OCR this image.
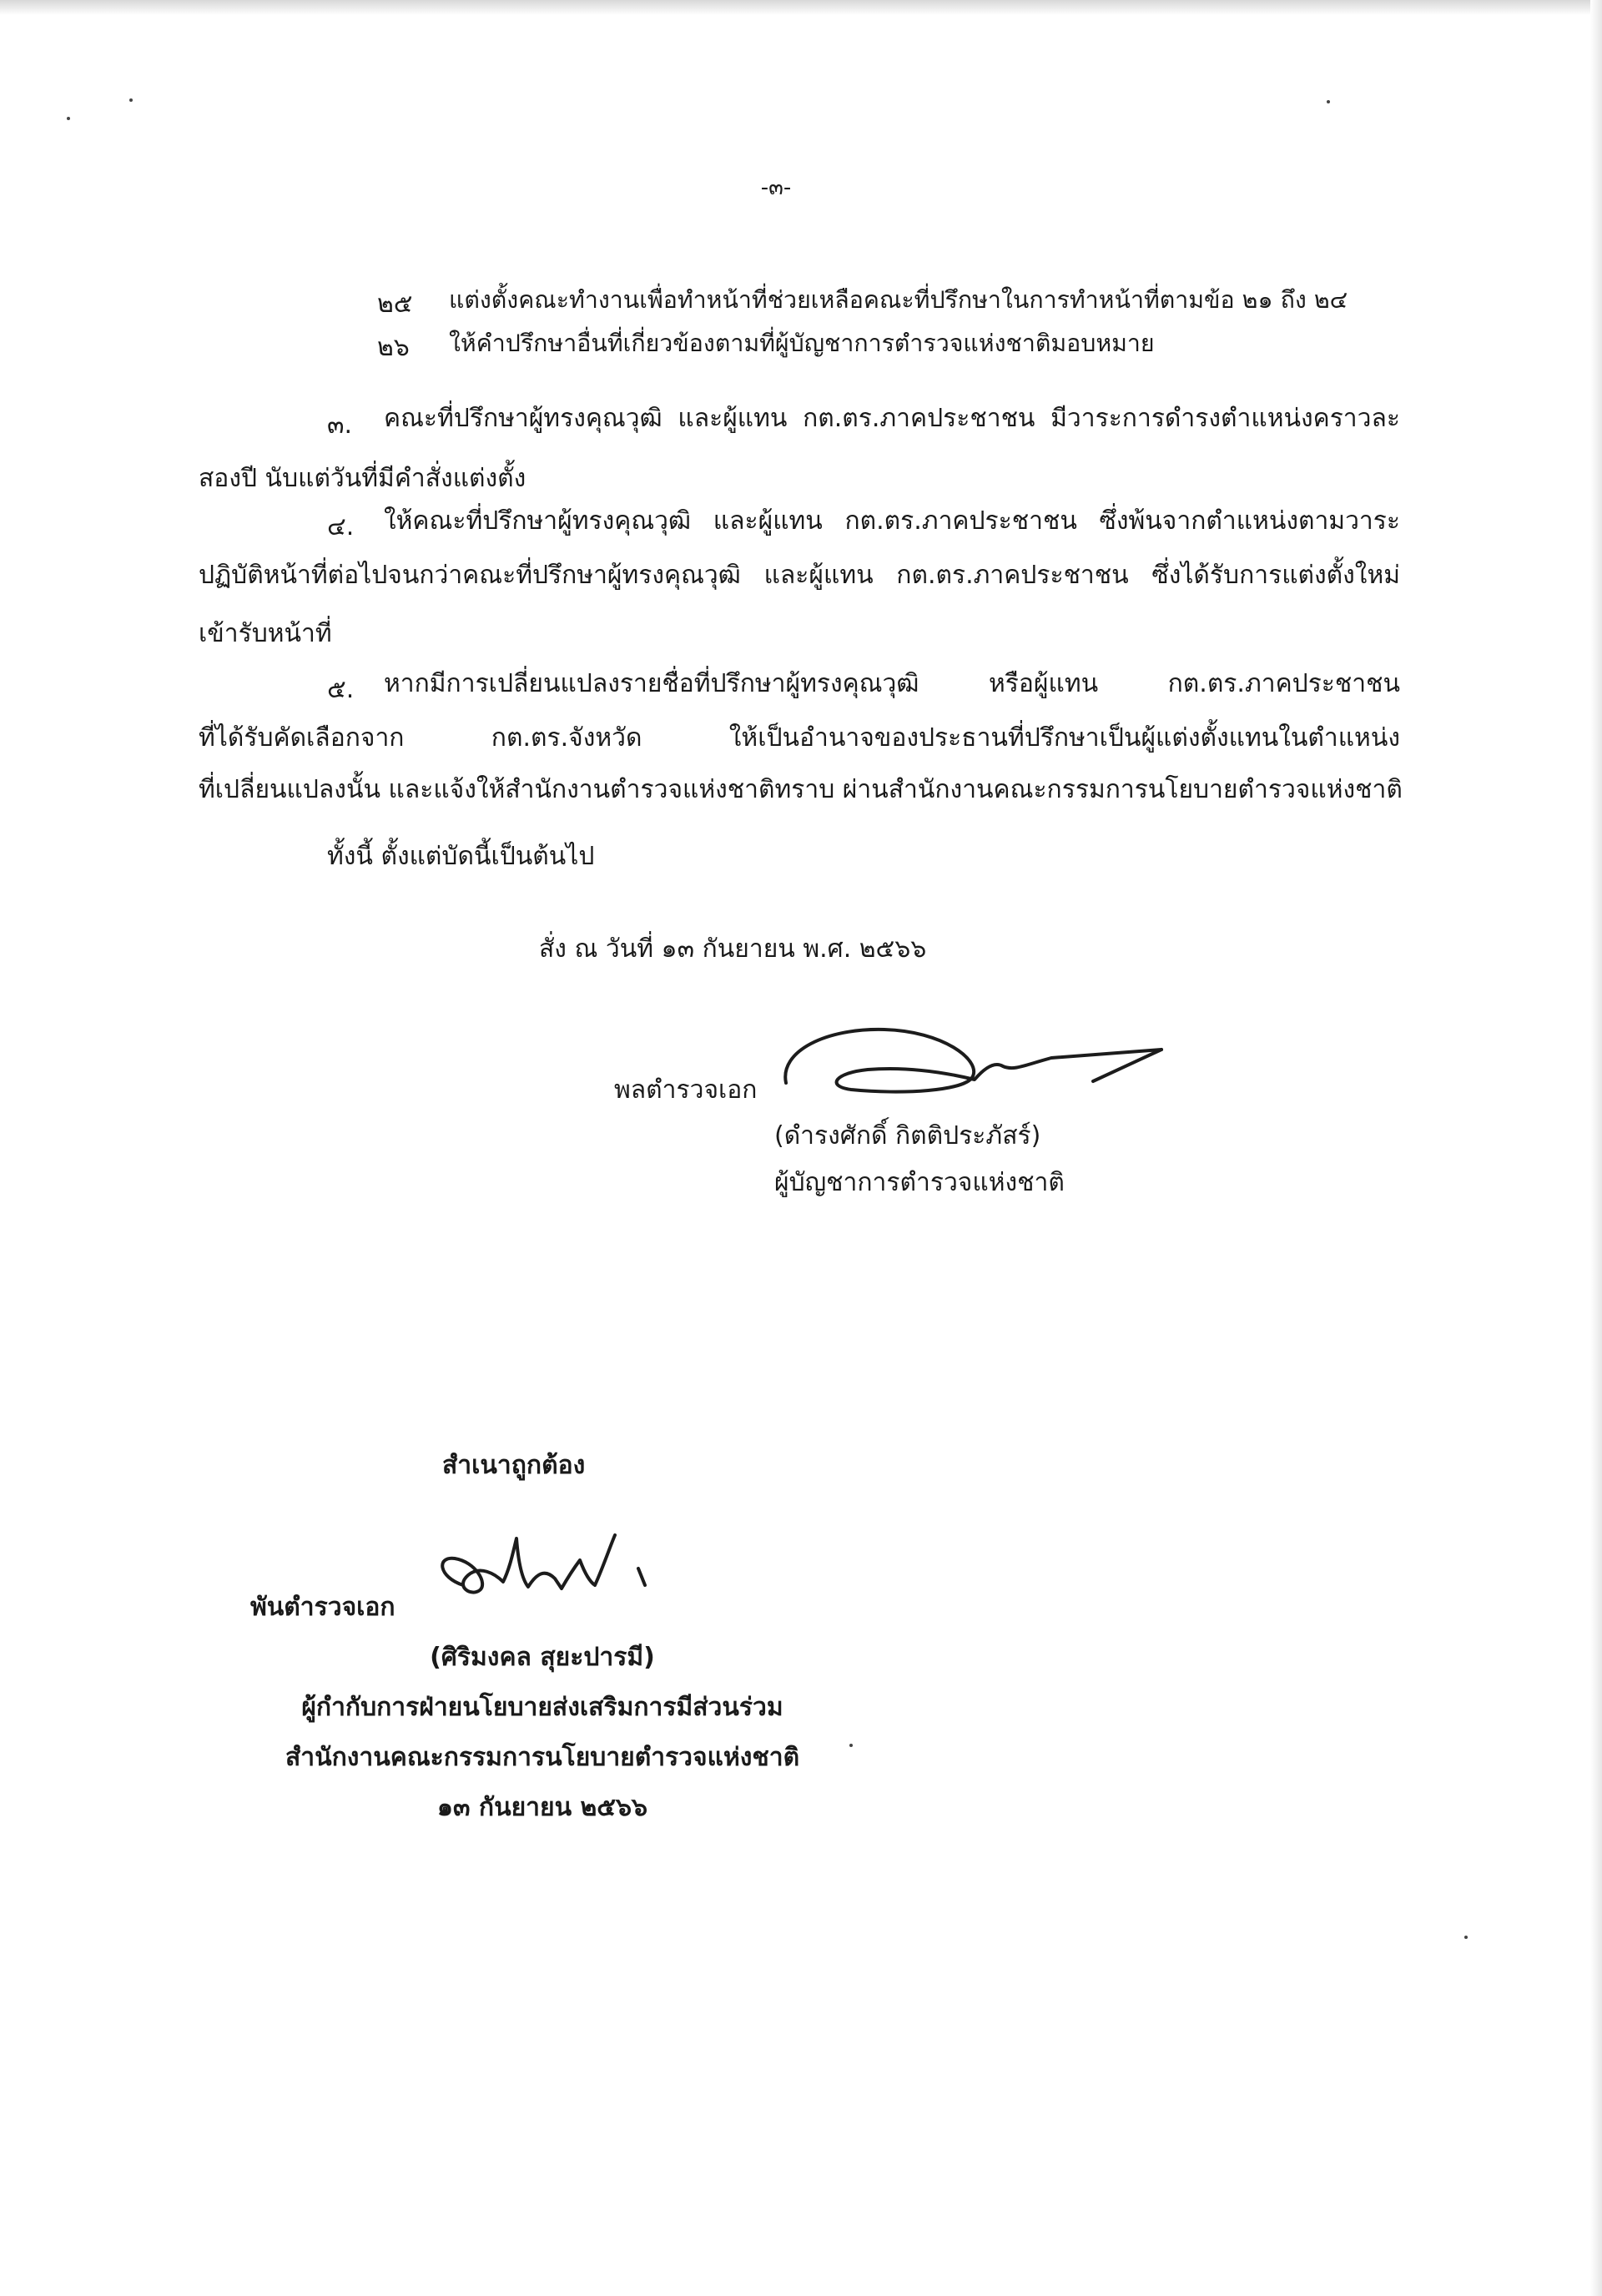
-๓-
๒๕ แต่งตั้งคณะทำงานเพื่อทำหน้าที่ช่วยเหลือคณะที่ปรึกษาในการทำหน้าที่ตามข้อ ๒๑ ถึง ๒๔
๒๖ ให้คำปรึกษาอื่นที่เกี่ยวข้องตามที่ผู้บัญชาการตำรวจแห่งชาติมอบหมาย
๓. คณะที่ปรึกษาผู้ทรงคุณวุฒิ และผู้แทน กต.ตร.ภาคประชาชน มีวาระการดำรงตำแหน่งคราวละ
สองปี นับแต่วันที่มีคำสั่งแต่งตั้ง
๔. ให้คณะที่ปรึกษาผู้ทรงคุณวุฒิ และผู้แทน กต.ตร.ภาคประชาชน ซึ่งพ้นจากตำแหน่งตามวาระ
ปฏิบัติหน้าที่ต่อไปจนกว่าคณะที่ปรึกษาผู้ทรงคุณวุฒิ และผู้แทน กต.ตร.ภาคประชาชน ซึ่งได้รับการแต่งตั้งใหม่
เข้ารับหน้าที่
๕. หากมีการเปลี่ยนแปลงรายชื่อที่ปรึกษาผู้ทรงคุณวุฒิ หรือผู้แทน กต.ตร.ภาคประชาชน
ที่ได้รับคัดเลือกจาก กต.ตร.จังหวัด ให้เป็นอำนาจของประธานที่ปรึกษาเป็นผู้แต่งตั้งแทนในตำแหน่ง
ที่เปลี่ยนแปลงนั้น และแจ้งให้สำนักงานตำรวจแห่งชาติทราบ ผ่านสำนักงานคณะกรรมการนโยบายตำรวจแห่งชาติ
ทั้งนี้ ตั้งแต่บัดนี้เป็นต้นไป
สั่ง ณ วันที่ ๑๓ กันยายน พ.ศ. ๒๕๖๖
พลตำรวจเอก
(ดำรงศักดิ์ กิตติประภัสร์)
ผู้บัญชาการตำรวจแห่งชาติ
สำเนาถูกต้อง
พันตำรวจเอก
(ศิริมงคล สุยะปารมี)
ผู้กำกับการฝ่ายนโยบายส่งเสริมการมีส่วนร่วม
สำนักงานคณะกรรมการนโยบายตำรวจแห่งชาติ
๑๓ กันยายน ๒๕๖๖
